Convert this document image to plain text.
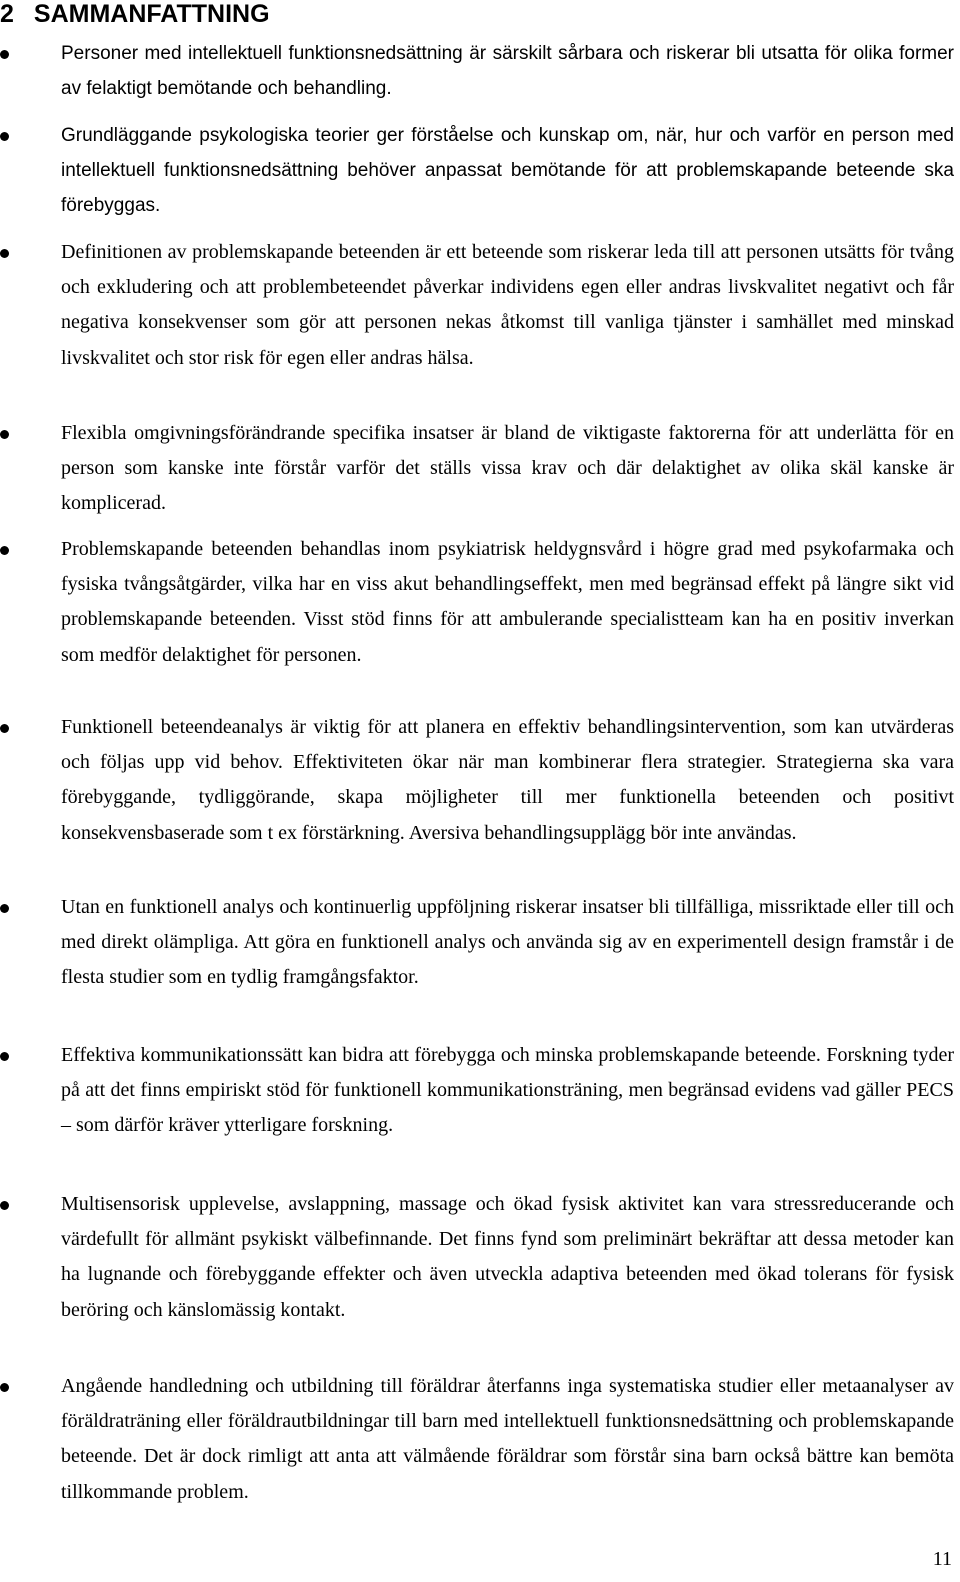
2 SAMMANFATTNING

Personer med intellektuell funktionsnedsättning är särskilt sårbara och riskerar bli utsatta för olika former av felaktigt bemötande och behandling.

Grundläggande psykologiska teorier ger förståelse och kunskap om, när, hur och varför en person med intellektuell funktionsnedsättning behöver anpassat bemötande för att problemskapande beteende ska förebyggas.

Definitionen av problemskapande beteenden är ett beteende som riskerar leda till att personen utsätts för tvång och exkludering och att problembeteendet påverkar individens egen eller andras livskvalitet negativt och får negativa konsekvenser som gör att personen nekas åtkomst till vanliga tjänster i samhället med minskad livskvalitet och stor risk för egen eller andras hälsa.

Flexibla omgivningsförändrande specifika insatser är bland de viktigaste faktorerna för att underlätta för en person som kanske inte förstår varför det ställs vissa krav och där delaktighet av olika skäl kanske är komplicerad.

Problemskapande beteenden behandlas inom psykiatrisk heldygnsvård i högre grad med psykofarmaka och fysiska tvångsåtgärder, vilka har en viss akut behandlingseffekt, men med begränsad effekt på längre sikt vid problemskapande beteenden. Visst stöd finns för att ambulerande specialistteam kan ha en positiv inverkan som medför delaktighet för personen.

Funktionell beteendeanalys är viktig för att planera en effektiv behandlingsintervention, som kan utvärderas och följas upp vid behov. Effektiviteten ökar när man kombinerar flera strategier. Strategierna ska vara förebyggande, tydliggörande, skapa möjligheter till mer funktionella beteenden och positivt konsekvensbaserade som t ex förstärkning. Aversiva behandlingsupplägg bör inte användas.

Utan en funktionell analys och kontinuerlig uppföljning riskerar insatser bli tillfälliga, missriktade eller till och med direkt olämpliga. Att göra en funktionell analys och använda sig av en experimentell design framstår i de flesta studier som en tydlig framgångsfaktor.

Effektiva kommunikationssätt kan bidra att förebygga och minska problemskapande beteende. Forskning tyder på att det finns empiriskt stöd för funktionell kommunikationsträning, men begränsad evidens vad gäller PECS – som därför kräver ytterligare forskning.

Multisensorisk upplevelse, avslappning, massage och ökad fysisk aktivitet kan vara stressreducerande och värdefullt för allmänt psykiskt välbefinnande. Det finns fynd som preliminärt bekräftar att dessa metoder kan ha lugnande och förebyggande effekter och även utveckla adaptiva beteenden med ökad tolerans för fysisk beröring och känslomässig kontakt.

Angående handledning och utbildning till föräldrar återfanns inga systematiska studier eller metaanalyser av föräldraträning eller föräldrautbildningar till barn med intellektuell funktionsnedsättning och problemskapande beteende. Det är dock rimligt att anta att välmående föräldrar som förstår sina barn också bättre kan bemöta tillkommande problem.

11
